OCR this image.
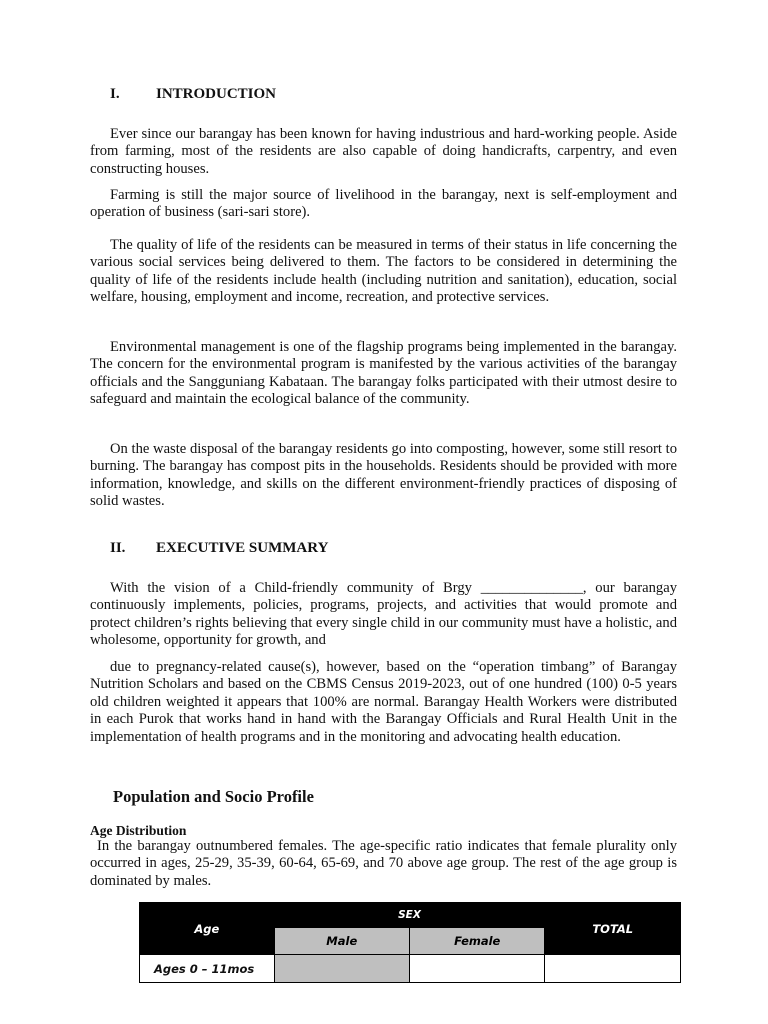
I.	INTRODUCTION

Ever since our barangay has been known for having industrious and hard-working people. Aside from farming, most of the residents are also capable of doing handicrafts, carpentry, and even constructing houses.

Farming is still the major source of livelihood in the barangay, next is self-employment and operation of business (sari-sari store).

The quality of life of the residents can be measured in terms of their status in life concerning the various social services being delivered to them. The factors to be considered in determining the quality of life of the residents include health (including nutrition and sanitation), education, social welfare, housing, employment and income, recreation, and protective services.

Environmental management is one of the flagship programs being implemented in the barangay. The concern for the environmental program is manifested by the various activities of the barangay officials and the Sangguniang Kabataan. The barangay folks participated with their utmost desire to safeguard and maintain the ecological balance of the community.

On the waste disposal of the barangay residents go into composting, however, some still resort to burning. The barangay has compost pits in the households. Residents should be provided with more information, knowledge, and skills on the different environment-friendly practices of disposing of solid wastes.

II.	EXECUTIVE SUMMARY

With the vision of a Child-friendly community of Brgy ______________, our barangay continuously implements, policies, programs, projects, and activities that would promote and protect children’s rights believing that every single child in our community must have a holistic, and wholesome, opportunity for growth, and

due to pregnancy-related cause(s), however, based on the “operation timbang” of Barangay Nutrition Scholars and based on the CBMS Census 2019-2023, out of one hundred (100) 0-5 years old children weighted it appears that 100% are normal. Barangay Health Workers were distributed in each Purok that works hand in hand with the Barangay Officials and Rural Health Unit in the implementation of health programs and in the monitoring and advocating health education.

Population and Socio Profile
Age Distribution

In the barangay outnumbered females. The age-specific ratio indicates that female plurality only occurred in ages, 25-29, 35-39, 60-64, 65-69, and 70 above age group. The rest of the age group is dominated by males.

Age	SEX		TOTAL
	Male	Female	
Ages 0 – 11mos			
